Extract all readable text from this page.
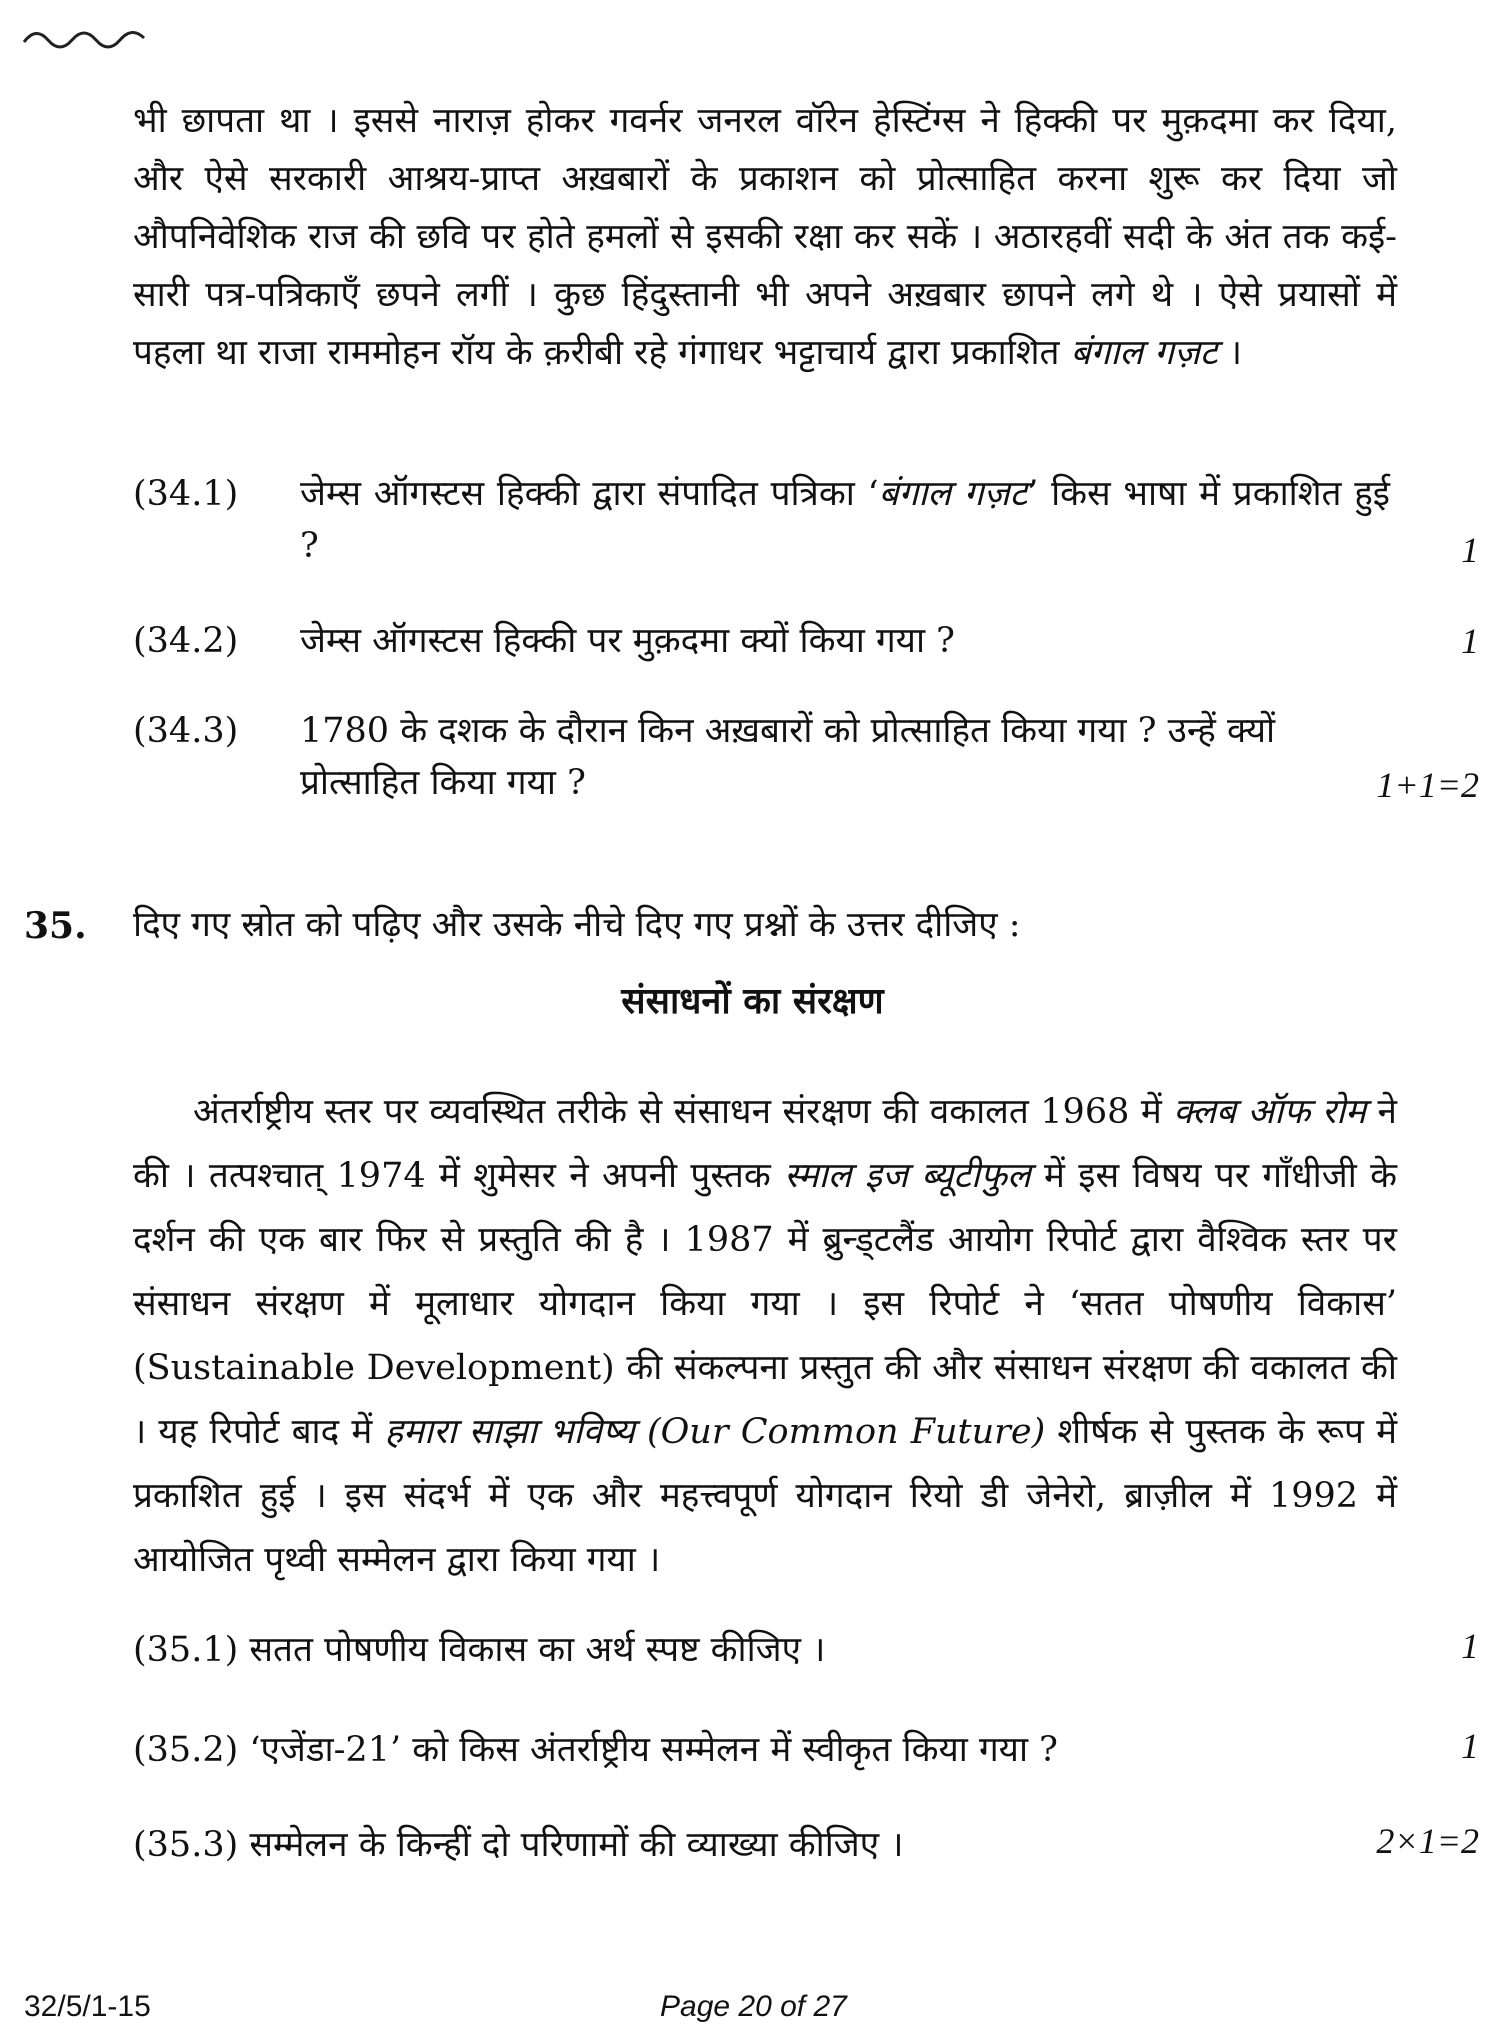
भी छापता था । इससे नाराज़ होकर गवर्नर जनरल वॉरेन हेस्टिंग्स ने हिक्की पर मुक़दमा कर दिया, और ऐसे सरकारी आश्रय-प्राप्त अख़बारों के प्रकाशन को प्रोत्साहित करना शुरू कर दिया जो औपनिवेशिक राज की छवि पर होते हमलों से इसकी रक्षा कर सकें । अठारहवीं सदी के अंत तक कई-सारी पत्र-पत्रिकाएँ छपने लगीं । कुछ हिंदुस्तानी भी अपने अख़बार छापने लगे थे । ऐसे प्रयासों में पहला था राजा राममोहन रॉय के क़रीबी रहे गंगाधर भट्टाचार्य द्वारा प्रकाशित बंगाल गज़ट ।
(34.1) जेम्स ऑगस्टस हिक्की द्वारा संपादित पत्रिका ‘बंगाल गज़ट’ किस भाषा में प्रकाशित हुई ?	1
(34.2) जेम्स ऑगस्टस हिक्की पर मुक़दमा क्यों किया गया ?	1
(34.3) 1780 के दशक के दौरान किन अख़बारों को प्रोत्साहित किया गया ? उन्हें क्यों प्रोत्साहित किया गया ?	1+1=2
35. दिए गए स्रोत को पढ़िए और उसके नीचे दिए गए प्रश्नों के उत्तर दीजिए :
संसाधनों का संरक्षण
अंतर्राष्ट्रीय स्तर पर व्यवस्थित तरीके से संसाधन संरक्षण की वकालत 1968 में क्लब ऑफ रोम ने की । तत्पश्चात् 1974 में शुमेसर ने अपनी पुस्तक स्माल इज ब्यूटीफुल में इस विषय पर गाँधीजी के दर्शन की एक बार फिर से प्रस्तुति की है । 1987 में ब्रुन्ड्टलैंड आयोग रिपोर्ट द्वारा वैश्विक स्तर पर संसाधन संरक्षण में मूलाधार योगदान किया गया । इस रिपोर्ट ने ‘सतत पोषणीय विकास’ (Sustainable Development) की संकल्पना प्रस्तुत की और संसाधन संरक्षण की वकालत की । यह रिपोर्ट बाद में हमारा साझा भविष्य (Our Common Future) शीर्षक से पुस्तक के रूप में प्रकाशित हुई । इस संदर्भ में एक और महत्त्वपूर्ण योगदान रियो डी जेनेरो, ब्राज़ील में 1992 में आयोजित पृथ्वी सम्मेलन द्वारा किया गया ।
(35.1) सतत पोषणीय विकास का अर्थ स्पष्ट कीजिए ।	1
(35.2) ‘एजेंडा-21’ को किस अंतर्राष्ट्रीय सम्मेलन में स्वीकृत किया गया ?	1
(35.3) सम्मेलन के किन्हीं दो परिणामों की व्याख्या कीजिए ।	2×1=2
32/5/1-15	Page 20 of 27
